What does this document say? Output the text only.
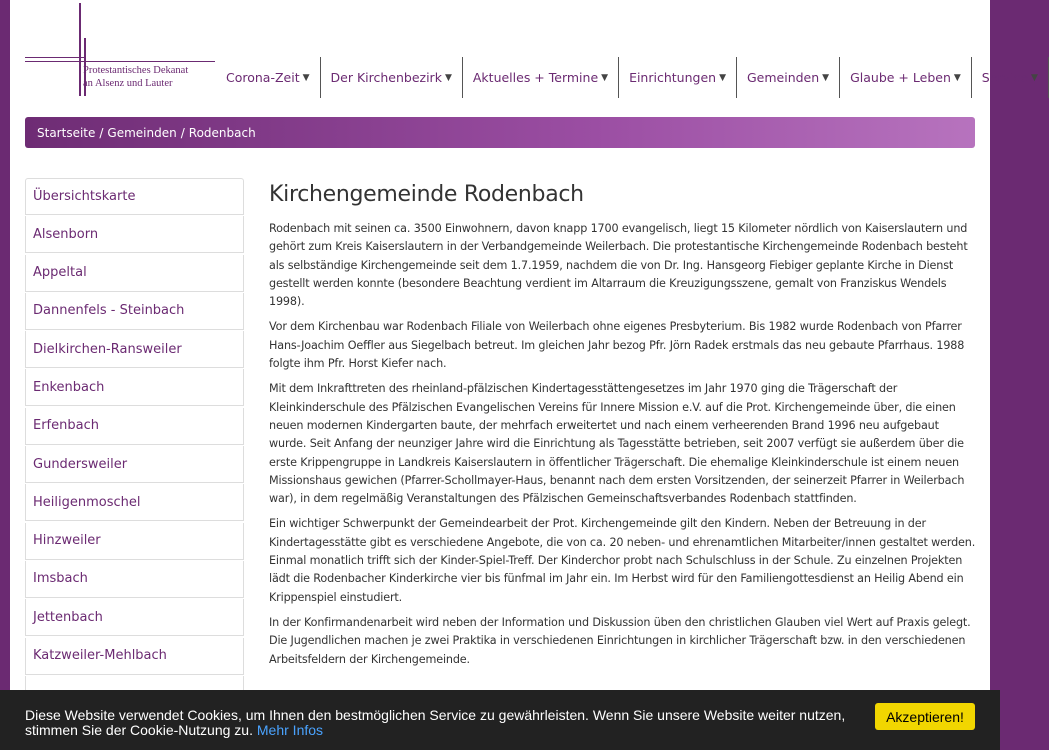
Protestantisches Dekanat
an Alsenz und Lauter	Corona-Zeit ▼ Der Kirchenbezirk ▼ Aktuelles + Termine ▼ Einrichtungen ▼ Gemeinden ▼ Glaube + Leben ▼ Service ▼
Startseite / Gemeinden / Rodenbach
Übersichtskarte
Alsenborn
Appeltal
Dannenfels - Steinbach
Dielkirchen-Ransweiler
Enkenbach
Erfenbach
Gundersweiler
Heiligenmoschel
Hinzweiler
Imsbach
Jettenbach
Katzweiler-Mehlbach
Kirchengemeinde Rodenbach

Rodenbach mit seinen ca. 3500 Einwohnern, davon knapp 1700 evangelisch, liegt 15 Kilometer nördlich von Kaiserslautern und gehört zum Kreis Kaiserslautern in der Verbandgemeinde Weilerbach. Die protestantische Kirchengemeinde Rodenbach besteht als selbständige Kirchengemeinde seit dem 1.7.1959, nachdem die von Dr. Ing. Hansgeorg Fiebiger geplante Kirche in Dienst gestellt werden konnte (besondere Beachtung verdient im Altarraum die Kreuzigungsszene, gemalt von Franziskus Wendels 1998).

Vor dem Kirchenbau war Rodenbach Filiale von Weilerbach ohne eigenes Presbyterium. Bis 1982 wurde Rodenbach von Pfarrer Hans-Joachim Oeffler aus Siegelbach betreut. Im gleichen Jahr bezog Pfr. Jörn Radek erstmals das neu gebaute Pfarrhaus. 1988 folgte ihm Pfr. Horst Kiefer nach.

Mit dem Inkrafttreten des rheinland-pfälzischen Kindertagesstättengesetzes im Jahr 1970 ging die Trägerschaft der Kleinkinderschule des Pfälzischen Evangelischen Vereins für Innere Mission e.V. auf die Prot. Kirchengemeinde über, die einen neuen modernen Kindergarten baute, der mehrfach erweitertet und nach einem verheerenden Brand 1996 neu aufgebaut wurde. Seit Anfang der neunziger Jahre wird die Einrichtung als Tagesstätte betrieben, seit 2007 verfügt sie außerdem über die erste Krippengruppe in Landkreis Kaiserslautern in öffentlicher Trägerschaft. Die ehemalige Kleinkinderschule ist einem neuen Missionshaus gewichen (Pfarrer-Schollmayer-Haus, benannt nach dem ersten Vorsitzenden, der seinerzeit Pfarrer in Weilerbach war), in dem regelmäßig Veranstaltungen des Pfälzischen Gemeinschaftsverbandes Rodenbach stattfinden.

Ein wichtiger Schwerpunkt der Gemeindearbeit der Prot. Kirchengemeinde gilt den Kindern. Neben der Betreuung in der Kindertagesstätte gibt es verschiedene Angebote, die von ca. 20 neben- und ehrenamtlichen Mitarbeiter/innen gestaltet werden. Einmal monatlich trifft sich der Kinder-Spiel-Treff. Der Kinderchor probt nach Schulschluss in der Schule. Zu einzelnen Projekten lädt die Rodenbacher Kinderkirche vier bis fünfmal im Jahr ein. Im Herbst wird für den Familiengottesdienst an Heilig Abend ein Krippenspiel einstudiert.

In der Konfirmandenarbeit wird neben der Information und Diskussion üben den christlichen Glauben viel Wert auf Praxis gelegt. Die Jugendlichen machen je zwei Praktika in verschiedenen Einrichtungen in kirchlicher Trägerschaft bzw. in den verschiedenen Arbeitsfeldern der Kirchengemeinde.

Diese Website verwendet Cookies, um Ihnen den bestmöglichen Service zu gewährleisten. Wenn Sie unsere Website weiter nutzen, stimmen Sie der Cookie-Nutzung zu. Mehr Infos
Akzeptieren!
